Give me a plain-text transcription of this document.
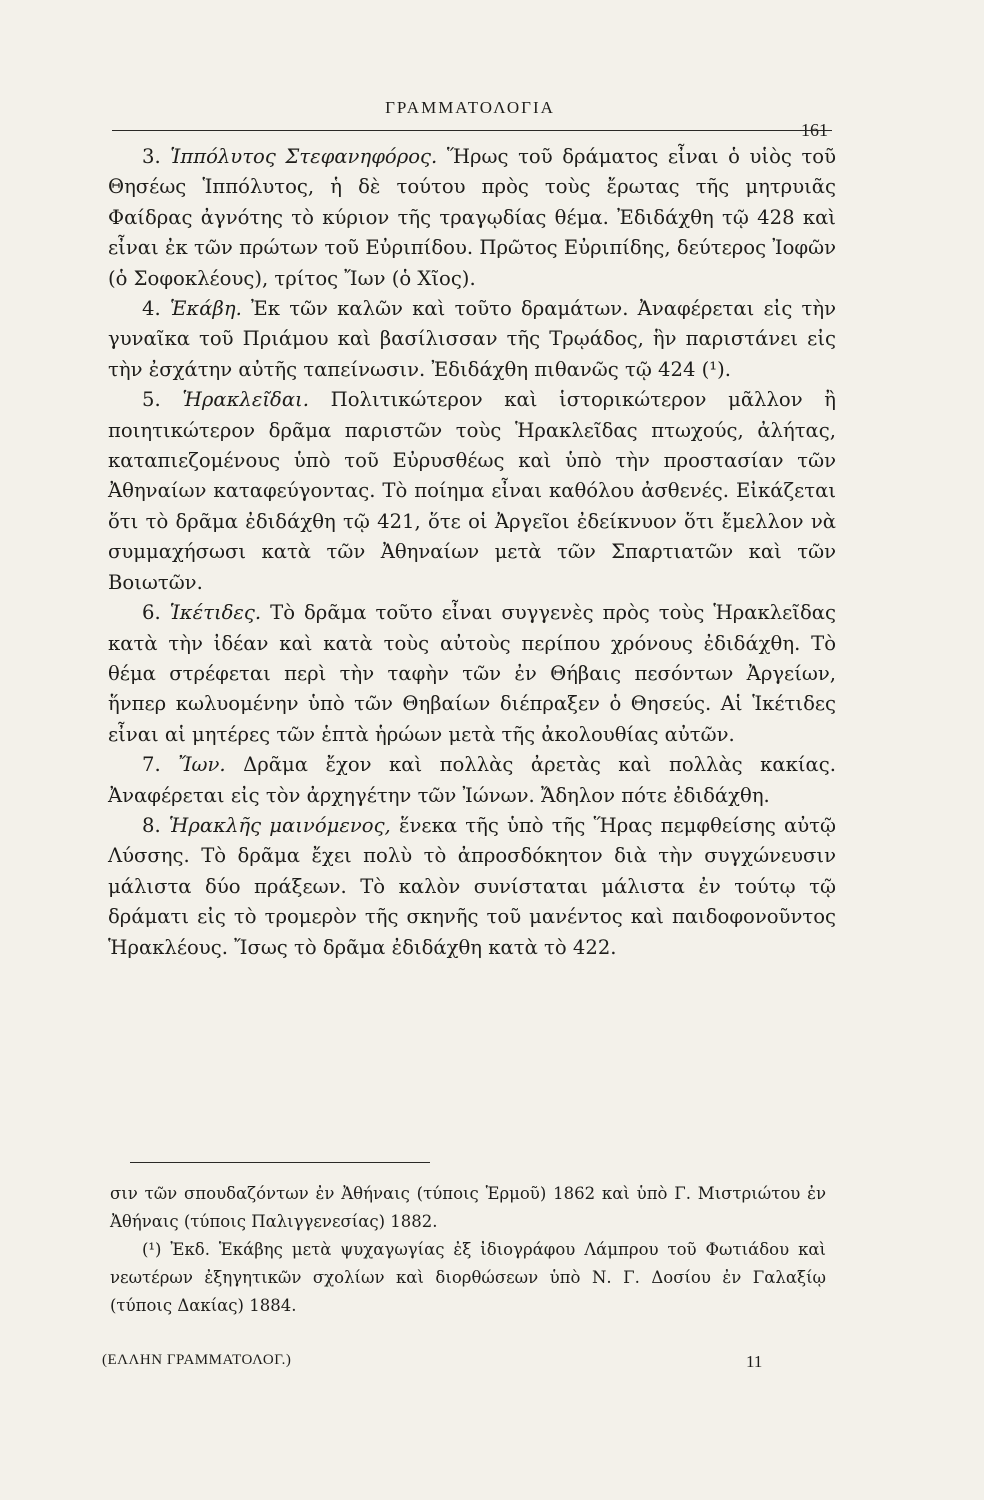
ΓΡΑΜΜΑΤΟΛΟΓΙΑ
161

3. Ἱππόλυτος Στεφανηφόρος. Ἥρως τοῦ δράματος εἶναι ὁ υἱὸς τοῦ Θησέως Ἱππόλυτος, ἡ δὲ τούτου πρὸς τοὺς ἔρωτας τῆς μητρυιᾶς Φαίδρας ἀγνότης τὸ κύριον τῆς τραγῳδίας θέμα. Ἐδιδάχθη τῷ 428 καὶ εἶναι ἐκ τῶν πρώτων τοῦ Εὐριπίδου. Πρῶτος Εὐριπίδης, δεύτερος Ἰοφῶν (ὁ Σοφοκλέους), τρίτος Ἴων (ὁ Χῖος).

4. Ἑκάβη. Ἐκ τῶν καλῶν καὶ τοῦτο δραμάτων. Ἀναφέρεται εἰς τὴν γυναῖκα τοῦ Πριάμου καὶ βασίλισσαν τῆς Τρῳάδος, ἣν παριστάνει εἰς τὴν ἐσχάτην αὐτῆς ταπείνωσιν. Ἐδιδάχθη πιθανῶς τῷ 424 (¹).

5. Ἡρακλεῖδαι. Πολιτικώτερον καὶ ἱστορικώτερον μᾶλλον ἢ ποιητικώτερον δρᾶμα παριστῶν τοὺς Ἡρακλεῖδας πτωχούς, ἀλήτας, καταπιεζομένους ὑπὸ τοῦ Εὐρυσθέως καὶ ὑπὸ τὴν προστασίαν τῶν Ἀθηναίων καταφεύγοντας. Τὸ ποίημα εἶναι καθόλου ἀσθενές. Εἰκάζεται ὅτι τὸ δρᾶμα ἐδιδάχθη τῷ 421, ὅτε οἱ Ἀργεῖοι ἐδείκνυον ὅτι ἔμελλον νὰ συμμαχήσωσι κατὰ τῶν Ἀθηναίων μετὰ τῶν Σπαρτιατῶν καὶ τῶν Βοιωτῶν.

6. Ἱκέτιδες. Τὸ δρᾶμα τοῦτο εἶναι συγγενὲς πρὸς τοὺς Ἡρακλεῖδας κατὰ τὴν ἰδέαν καὶ κατὰ τοὺς αὐτοὺς περίπου χρόνους ἐδιδάχθη. Τὸ θέμα στρέφεται περὶ τὴν ταφὴν τῶν ἐν Θήβαις πεσόντων Ἀργείων, ἥνπερ κωλυομένην ὑπὸ τῶν Θηβαίων διέπραξεν ὁ Θησεύς. Αἱ Ἱκέτιδες εἶναι αἱ μητέρες τῶν ἑπτὰ ἡρώων μετὰ τῆς ἀκολουθίας αὐτῶν.

7. Ἴων. Δρᾶμα ἔχον καὶ πολλὰς ἀρετὰς καὶ πολλὰς κακίας. Ἀναφέρεται εἰς τὸν ἀρχηγέτην τῶν Ἰώνων. Ἄδηλον πότε ἐδιδάχθη.

8. Ἡρακλῆς μαινόμενος, ἕνεκα τῆς ὑπὸ τῆς Ἥρας πεμφθείσης αὐτῷ Λύσσης. Τὸ δρᾶμα ἔχει πολὺ τὸ ἀπροσδόκητον διὰ τὴν συγχώνευσιν μάλιστα δύο πράξεων. Τὸ καλὸν συνίσταται μάλιστα ἐν τούτῳ τῷ δράματι εἰς τὸ τρομερὸν τῆς σκηνῆς τοῦ μανέντος καὶ παιδοφονοῦντος Ἡρακλέους. Ἴσως τὸ δρᾶμα ἐδιδάχθη κατὰ τὸ 422.

σιν τῶν σπουδαζόντων ἐν Ἀθήναις (τύποις Ἑρμοῦ) 1862 καὶ ὑπὸ Γ. Μιστριώτου ἐν Ἀθήναις (τύποις Παλιγγενεσίας) 1882.

(¹) Ἐκδ. Ἑκάβης μετὰ ψυχαγωγίας ἐξ ἰδιογράφου Λάμπρου τοῦ Φωτιάδου καὶ νεωτέρων ἐξηγητικῶν σχολίων καὶ διορθώσεων ὑπὸ Ν. Γ. Δοσίου ἐν Γαλαξίῳ (τύποις Δακίας) 1884.

(ΕΛΛΗΝ ΓΡΑΜΜΑΤΟΛΟΓ.)	11
